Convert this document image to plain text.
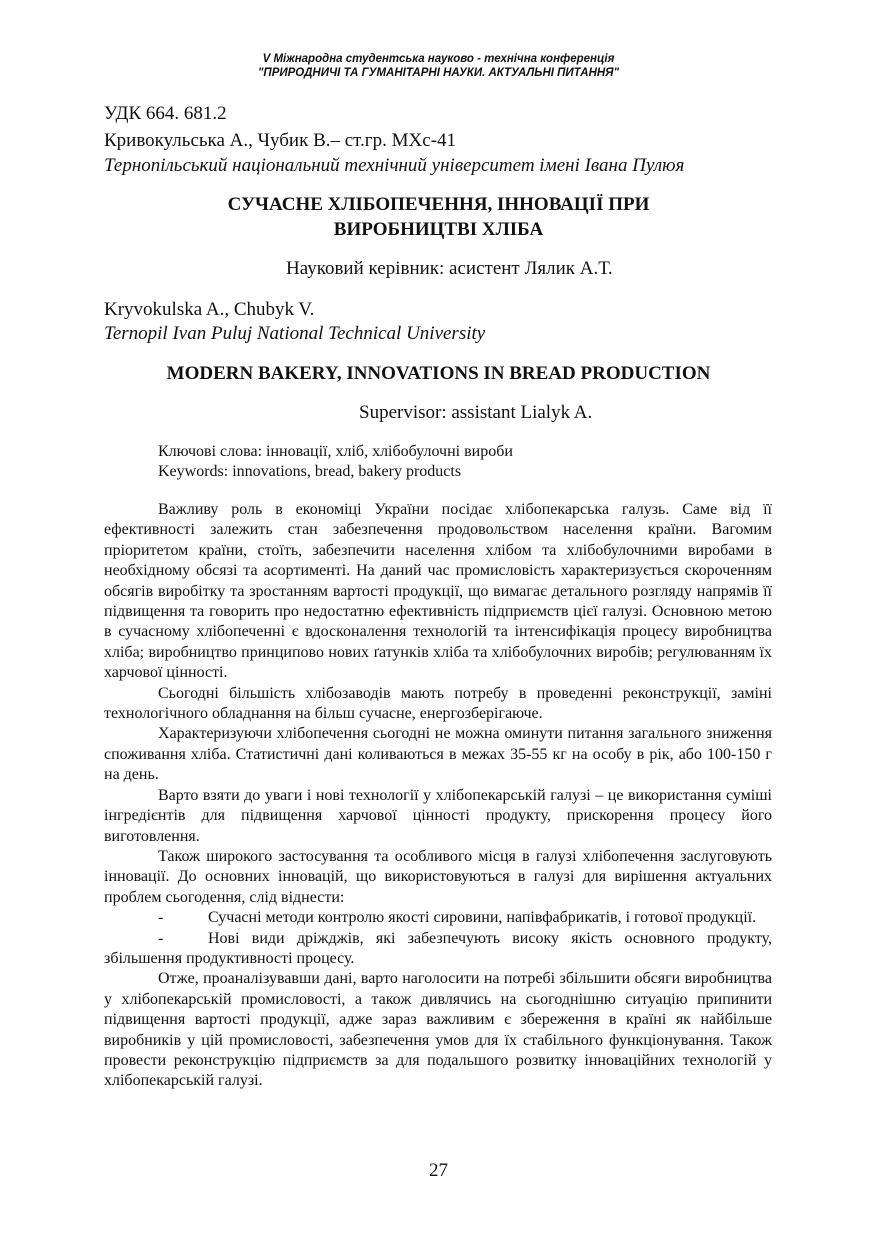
V Міжнародна студентська науково - технічна конференція
"ПРИРОДНИЧІ ТА ГУМАНІТАРНІ НАУКИ. АКТУАЛЬНІ ПИТАННЯ"
УДК 664. 681.2
Кривокульська А., Чубик В.– ст.гр. МХс-41
Тернопільський національний технічний університет імені Івана Пулюя
СУЧАСНЕ ХЛІБОПЕЧЕННЯ, ІННОВАЦІЇ ПРИ
ВИРОБНИЦТВІ ХЛІБА
Науковий керівник: асистент Лялик А.Т.
Kryvokulska A., Chubyk V.
Ternopil Ivan Puluj National Technical University
MODERN BAKERY, INNOVATIONS IN BREAD PRODUCTION
Supervisor: assistant Lialyk A.
Ключові слова: інновації, хліб, хлібобулочні вироби
Keywords: innovations, bread, bakery products

Важливу роль в економіці України посідає хлібопекарська галузь. Саме від її ефективності залежить стан забезпечення продовольством населення країни. Вагомим пріоритетом країни, стоїть, забезпечити населення хлібом та хлібобулочними виробами в необхідному обсязі та асортименті. На даний час промисловість характеризується скороченням обсягів виробітку та зростанням вартості продукції, що вимагає детального розгляду напрямів її підвищення та говорить про недостатню ефективність підприємств цієї галузі. Основною метою в сучасному хлібопеченні є вдосконалення технологій та інтенсифікація процесу виробництва хліба; виробництво принципово нових ґатунків хліба та хлібобулочних виробів; регулюванням їх харчової цінності.

Сьогодні більшість хлібозаводів мають потребу в проведенні реконструкції, заміні технологічного обладнання на більш сучасне, енергозберігаюче.

Характеризуючи хлібопечення сьогодні не можна оминути питання загального зниження споживання хліба. Статистичні дані коливаються в межах 35-55 кг на особу в рік, або 100-150 г на день.

Варто взяти до уваги і нові технології у хлібопекарській галузі – це використання суміші інгредієнтів для підвищення харчової цінності продукту, прискорення процесу його виготовлення.

Також широкого застосування та особливого місця в галузі хлібопечення заслуговують інновації. До основних інновацій, що використовуються в галузі для вирішення актуальних проблем сьогодення, слід віднести:

-	Сучасні методи контролю якості сировини, напівфабрикатів, і готової продукції.

-	Нові види дріжджів, які забезпечують високу якість основного продукту, збільшення продуктивності процесу.

Отже, проаналізувавши дані, варто наголосити на потребі збільшити обсяги виробництва у хлібопекарській промисловості, а також дивлячись на сьогоднішню ситуацію припинити підвищення вартості продукції, адже зараз важливим є збереження в країні як найбільше виробників у цій промисловості, забезпечення умов для їх стабільного функціонування. Також провести реконструкцію підприємств за для подальшого розвитку інноваційних технологій у хлібопекарській галузі.

27
